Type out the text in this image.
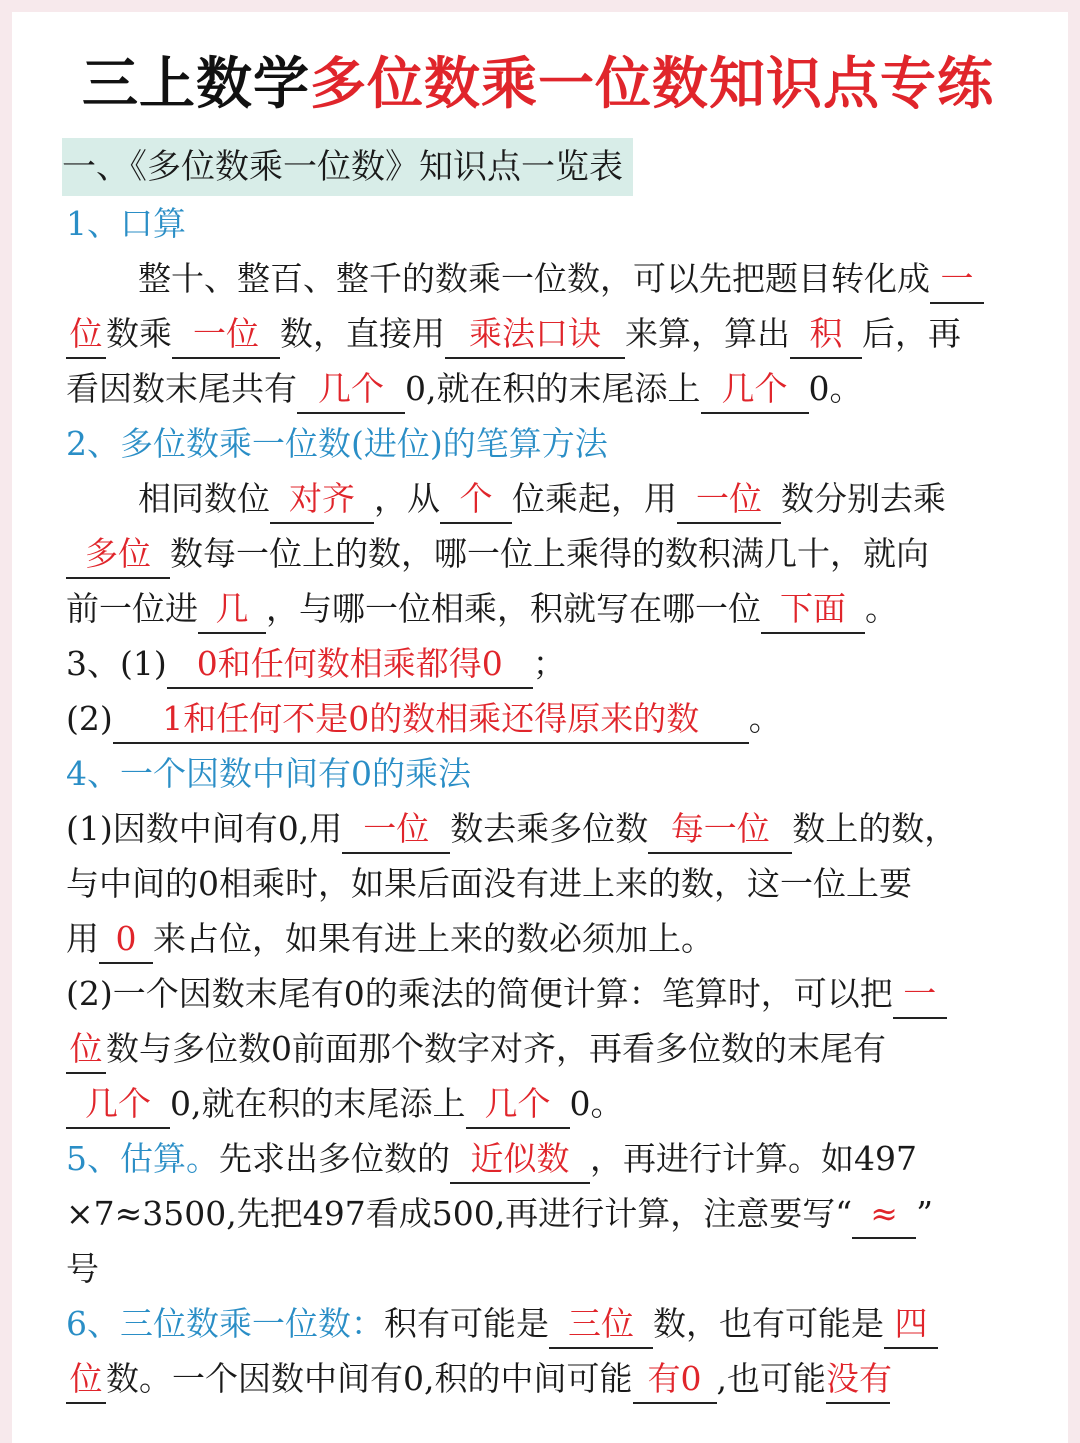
三上数学多位数乘一位数知识点专练
一、《多位数乘一位数》知识点一览表
1、口算
整十、整百、整千的数乘一位数，可以先把题目转化成 一
位 数乘 一位 数，直接用 乘法口诀 来算，算出 积 后，再
看因数末尾共有 几个 0,就在积的末尾添上 几个 0。
2、多位数乘一位数(进位)的笔算方法
相同数位 对齐 ，从 个 位乘起，用 一位 数分别去乘
多位 数每一位上的数，哪一位上乘得的数积满几十，就向
前一位进 几 ，与哪一位相乘，积就写在哪一位 下面 。
3、(1) 0和任何数相乘都得0 ；
(2) 1和任何不是0的数相乘还得原来的数 。
4、一个因数中间有0的乘法
(1)因数中间有0,用 一位 数去乘多位数 每一位 数上的数，
与中间的0相乘时，如果后面没有进上来的数，这一位上要
用 0 来占位，如果有进上来的数必须加上。
(2)一个因数末尾有0的乘法的简便计算：笔算时，可以把 一
位 数与多位数0前面那个数字对齐，再看多位数的末尾有
几个 0,就在积的末尾添上 几个 0。
5、估算。先求出多位数的 近似数 ，再进行计算。如497
×7≈3500,先把497看成500,再进行计算，注意要写“ ≈ ”
号
6、三位数乘一位数：积有可能是 三位 数，也有可能是 四
位 数。一个因数中间有0,积的中间可能 有0 ,也可能没有
